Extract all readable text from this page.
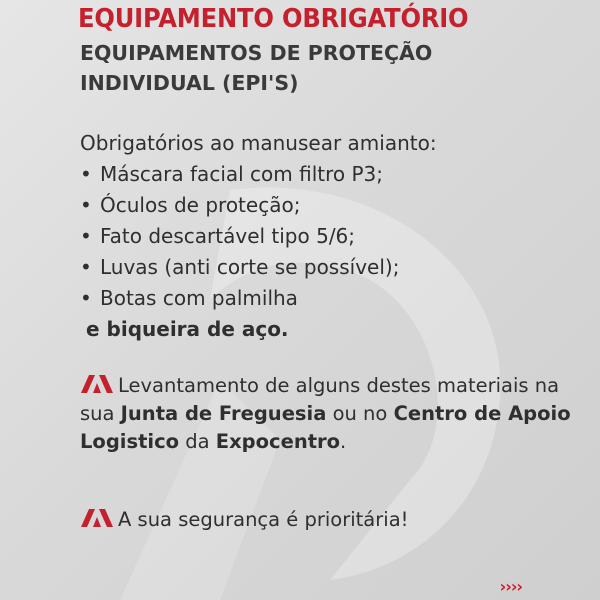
EQUIPAMENTO OBRIGATÓRIO
EQUIPAMENTOS DE PROTEÇÃO INDIVIDUAL (EPI'S)
Obrigatórios ao manusear amianto:
• Máscara facial com filtro P3;
• Óculos de proteção;
• Fato descartável tipo 5/6;
• Luvas (anti corte se possível);
• Botas com palmilha
e biqueira de aço.

Levantamento de alguns destes materiais na sua Junta de Freguesia ou no Centro de Apoio Logistico da Expocentro.

A sua segurança é prioritária!

››››
